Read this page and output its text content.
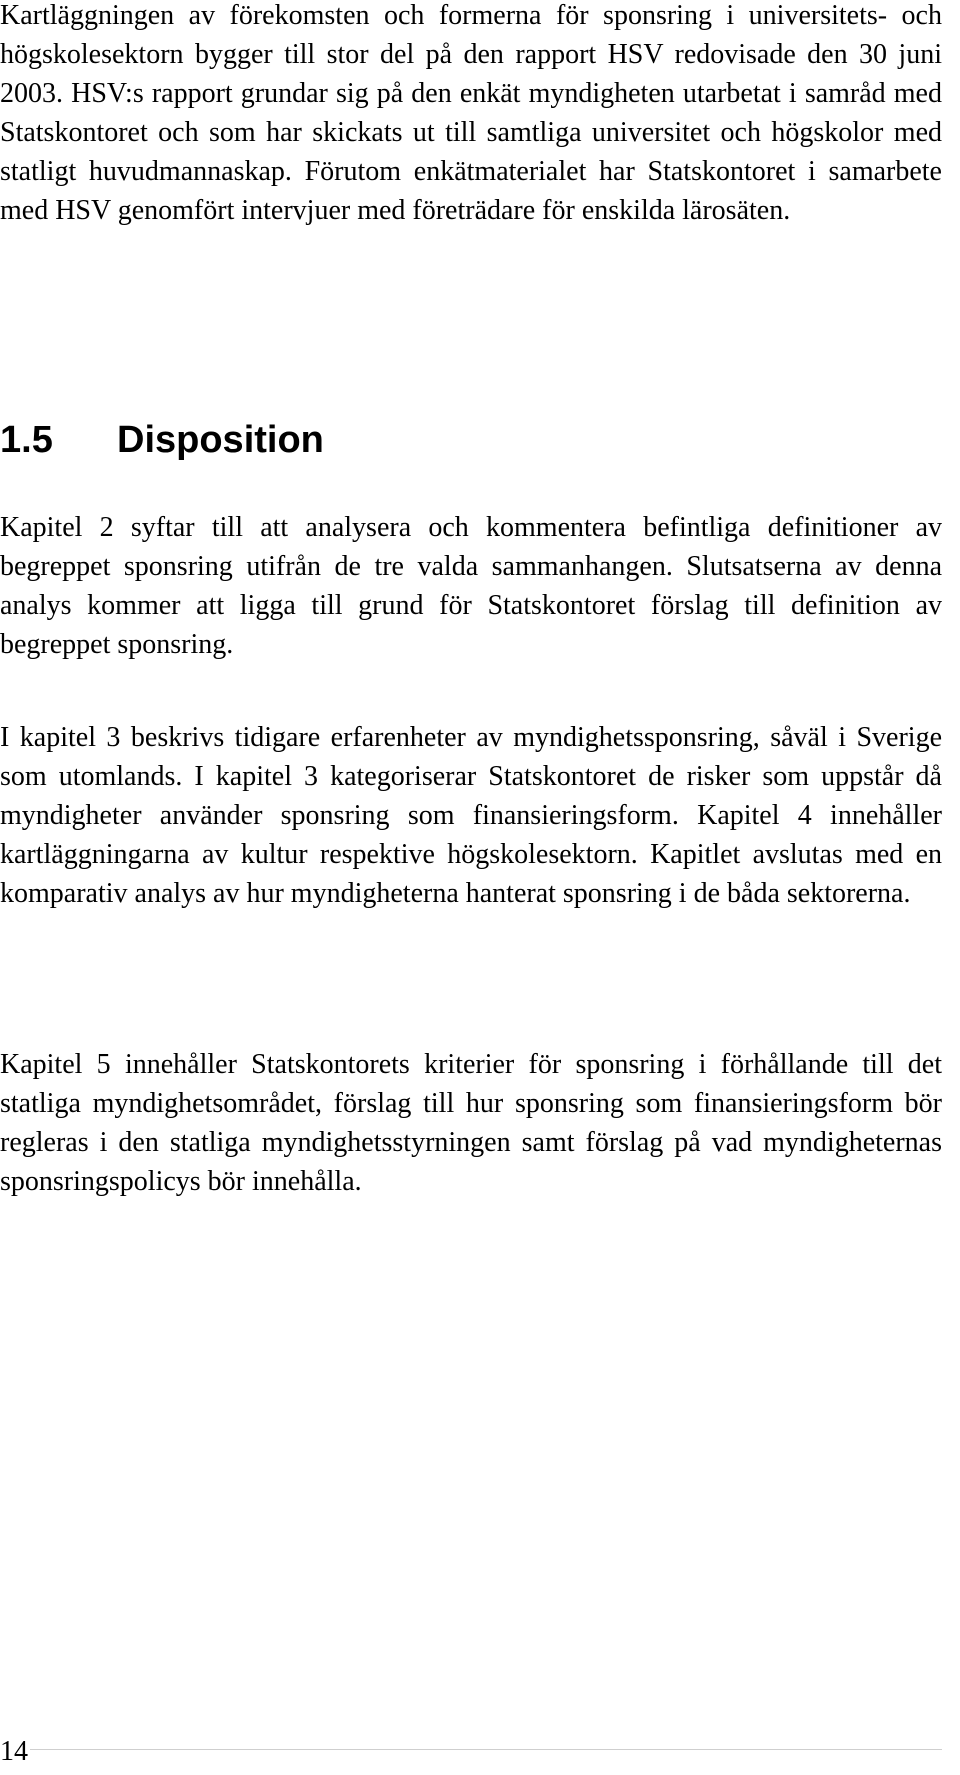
Kartläggningen av förekomsten och formerna för sponsring i universitets- och högskolesektorn bygger till stor del på den rapport HSV redovisade den 30 juni 2003. HSV:s rapport grundar sig på den enkät myndigheten utarbetat i samråd med Statskontoret och som har skickats ut till samtliga universitet och högskolor med statligt huvudmannaskap. Förutom enkätmaterialet har Statskontoret i samarbete med HSV genomfört intervjuer med företrädare för enskilda lärosäten.

1.5 Disposition

Kapitel 2 syftar till att analysera och kommentera befintliga definitioner av begreppet sponsring utifrån de tre valda sammanhangen. Slutsatserna av denna analys kommer att ligga till grund för Statskontoret förslag till definition av begreppet sponsring.

I kapitel 3 beskrivs tidigare erfarenheter av myndighetssponsring, såväl i Sverige som utomlands. I kapitel 3 kategoriserar Statskontoret de risker som uppstår då myndigheter använder sponsring som finansieringsform. Kapitel 4 innehåller kartläggningarna av kultur respektive högskolesektorn. Kapitlet avslutas med en komparativ analys av hur myndigheterna hanterat sponsring i de båda sektorerna.

Kapitel 5 innehåller Statskontorets kriterier för sponsring i förhållande till det statliga myndighetsområdet, förslag till hur sponsring som finansieringsform bör regleras i den statliga myndighetsstyrningen samt förslag på vad myndigheternas sponsringspolicys bör innehålla.

14
